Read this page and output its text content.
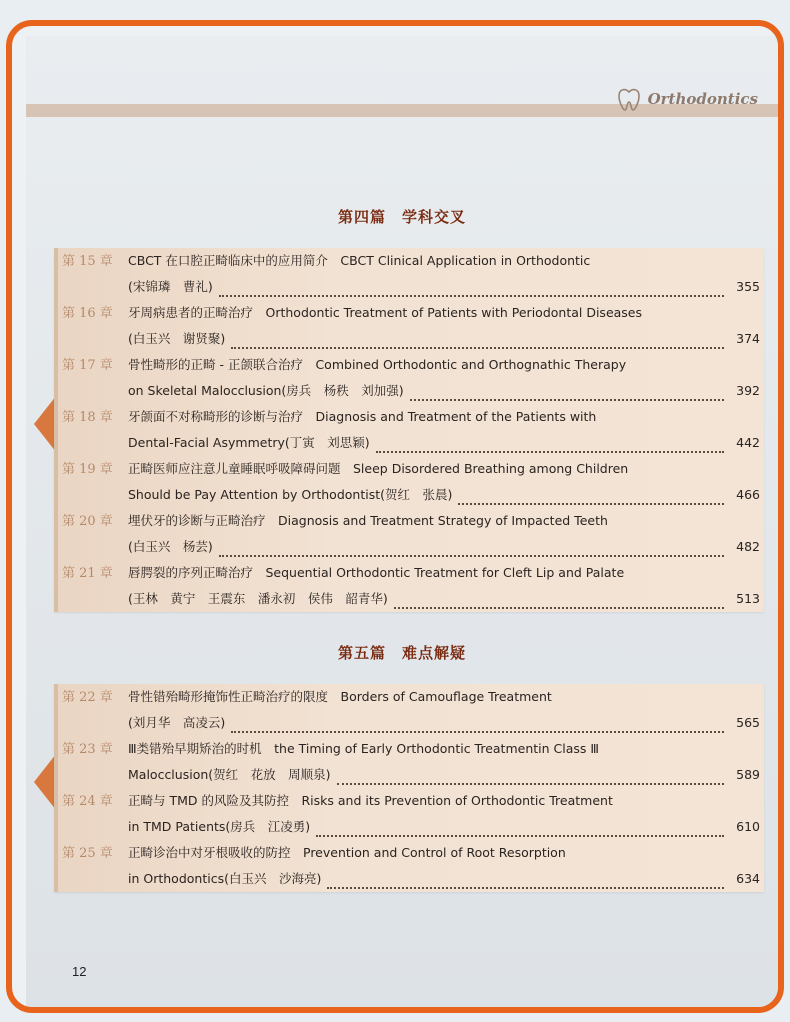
Orthodontics
第四篇　学科交叉
第 15 章	CBCT 在口腔正畸临床中的应用简介　CBCT Clinical Application in Orthodontic
(宋锦璘　曹礼)	355
第 16 章	牙周病患者的正畸治疗　Orthodontic Treatment of Patients with Periodontal Diseases
(白玉兴　谢贤聚)	374
第 17 章	骨性畸形的正畸 - 正颌联合治疗　Combined Orthodontic and Orthognathic Therapy
on Skeletal Malocclusion(房兵　杨秩　刘加强)	392
第 18 章	牙颌面不对称畸形的诊断与治疗　Diagnosis and Treatment of the Patients with
Dental-Facial Asymmetry(丁寅　刘思颖)	442
第 19 章	正畸医师应注意儿童睡眠呼吸障碍问题　Sleep Disordered Breathing among Children
Should be Pay Attention by Orthodontist(贺红　张晨)	466
第 20 章	埋伏牙的诊断与正畸治疗　Diagnosis and Treatment Strategy of Impacted Teeth
(白玉兴　杨芸)	482
第 21 章	唇腭裂的序列正畸治疗　Sequential Orthodontic Treatment for Cleft Lip and Palate
(王林　黄宁　王震东　潘永初　侯伟　韶青华)	513
第五篇　难点解疑
第 22 章	骨性错殆畸形掩饰性正畸治疗的限度　Borders of Camouflage Treatment
(刘月华　高凌云)	565
第 23 章	Ⅲ类错殆早期矫治的时机　the Timing of Early Orthodontic Treatmentin Class Ⅲ
Malocclusion(贺红　花放　周顺泉)	589
第 24 章	正畸与 TMD 的风险及其防控　Risks and its Prevention of Orthodontic Treatment
in TMD Patients(房兵　江凌勇)	610
第 25 章	正畸诊治中对牙根吸收的防控　Prevention and Control of Root Resorption
in Orthodontics(白玉兴　沙海亮)	634
12
